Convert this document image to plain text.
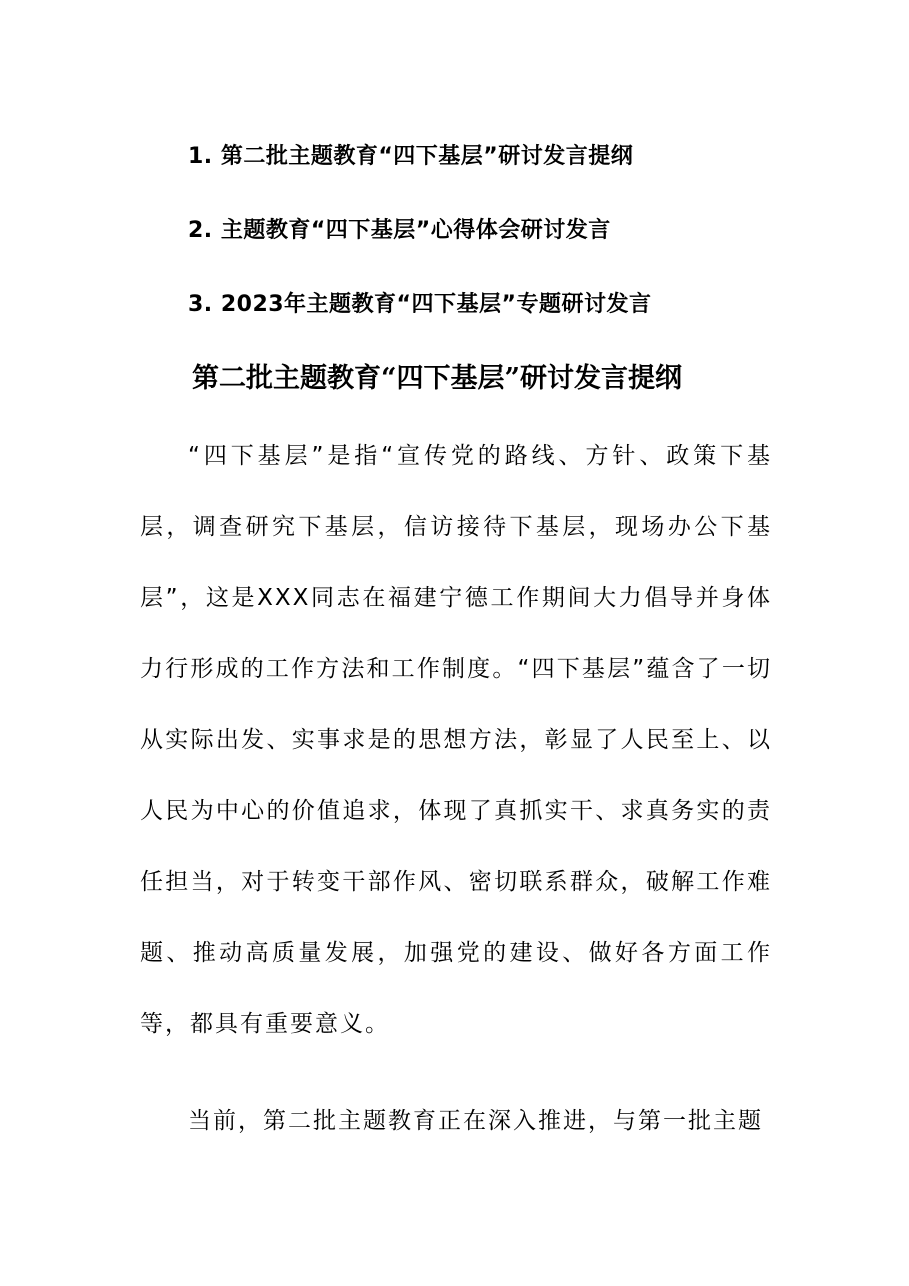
1. 第二批主题教育“四下基层”研讨发言提纲
2. 主题教育“四下基层”心得体会研讨发言
3. 2023年主题教育“四下基层”专题研讨发言
第二批主题教育“四下基层”研讨发言提纲

“四下基层”是指“宣传党的路线、方针、政策下基层，调查研究下基层，信访接待下基层，现场办公下基层”，这是XXX同志在福建宁德工作期间大力倡导并身体力行形成的工作方法和工作制度。“四下基层”蕴含了一切从实际出发、实事求是的思想方法，彰显了人民至上、以人民为中心的价值追求，体现了真抓实干、求真务实的责任担当，对于转变干部作风、密切联系群众，破解工作难题、推动高质量发展，加强党的建设、做好各方面工作等，都具有重要意义。

当前，第二批主题教育正在深入推进，与第一批主题
